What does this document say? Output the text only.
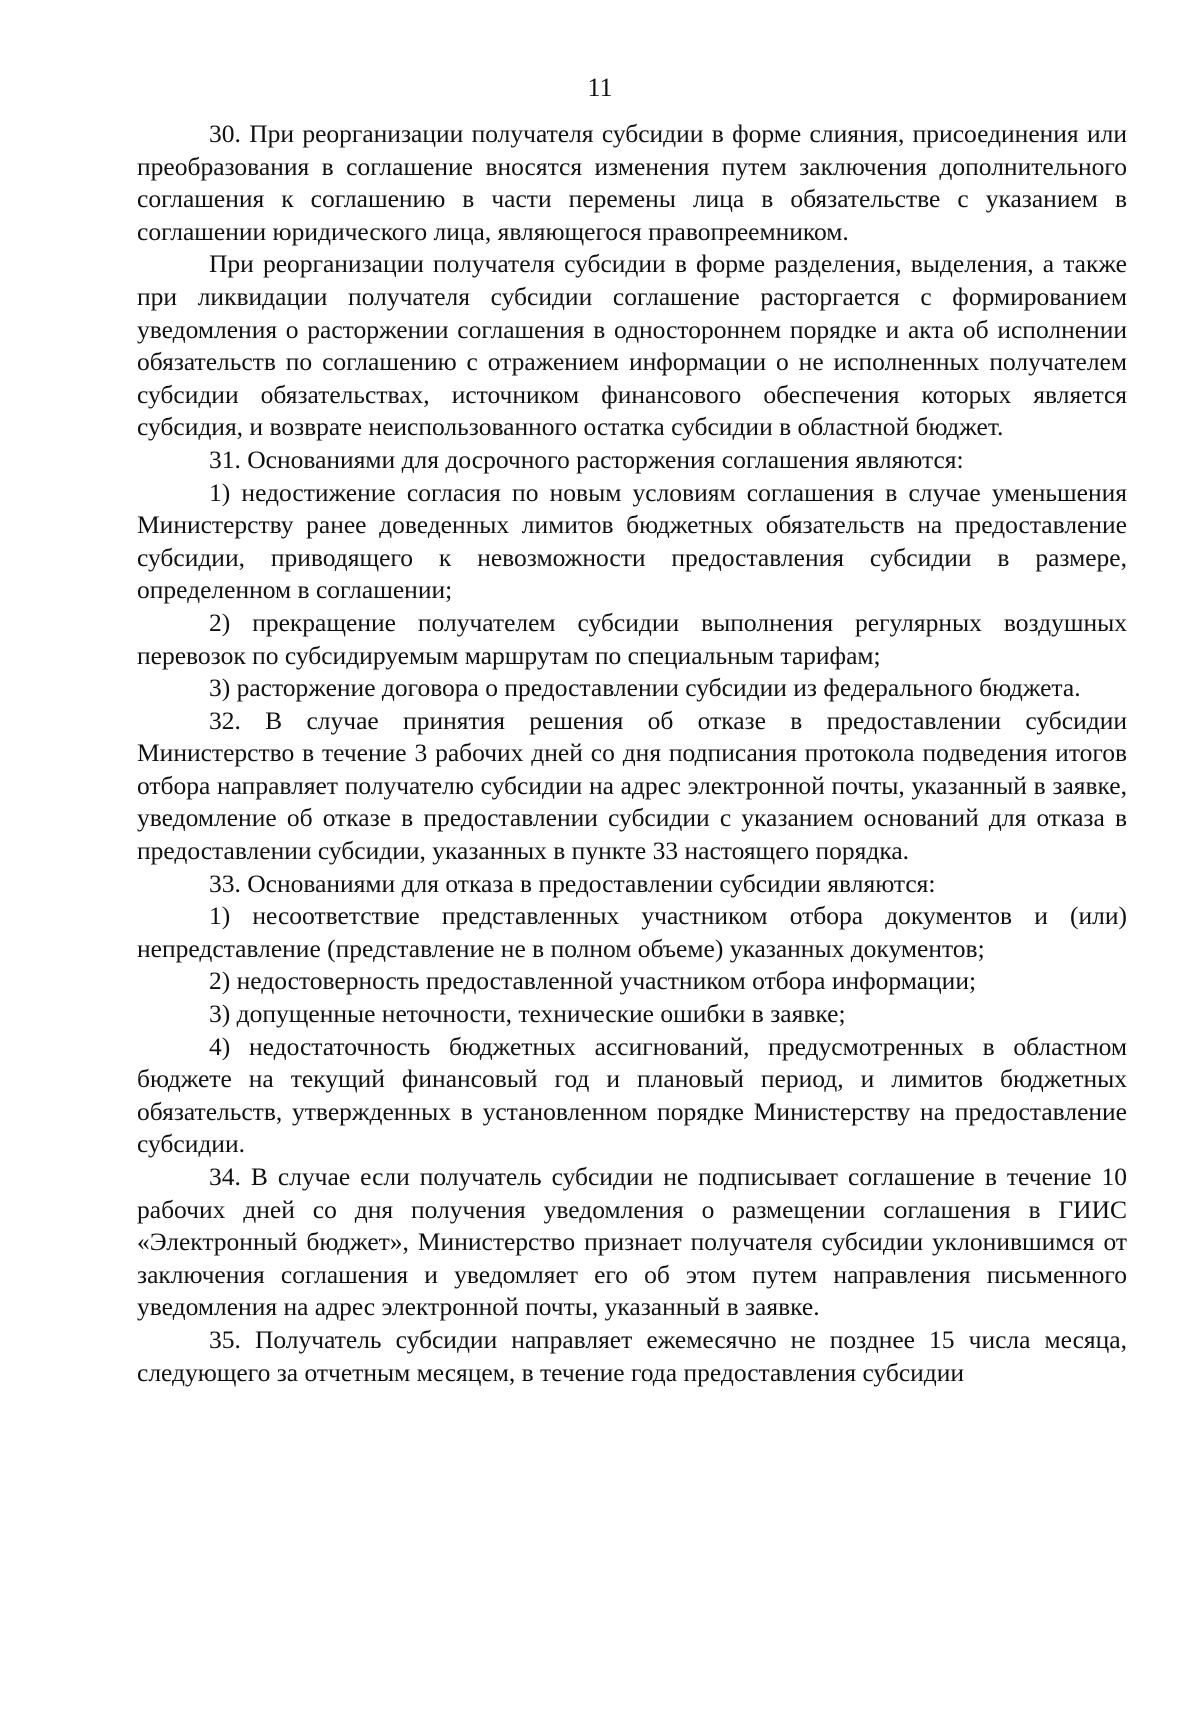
11

30. При реорганизации получателя субсидии в форме слияния, присоединения или преобразования в соглашение вносятся изменения путем заключения дополнительного соглашения к соглашению в части перемены лица в обязательстве с указанием в соглашении юридического лица, являющегося правопреемником.

При реорганизации получателя субсидии в форме разделения, выделения, а также при ликвидации получателя субсидии соглашение расторгается с формированием уведомления о расторжении соглашения в одностороннем порядке и акта об исполнении обязательств по соглашению с отражением информации о не исполненных получателем субсидии обязательствах, источником финансового обеспечения которых является субсидия, и возврате неиспользованного остатка субсидии в областной бюджет.

31. Основаниями для досрочного расторжения соглашения являются:

1) недостижение согласия по новым условиям соглашения в случае уменьшения Министерству ранее доведенных лимитов бюджетных обязательств на предоставление субсидии, приводящего к невозможности предоставления субсидии в размере, определенном в соглашении;

2) прекращение получателем субсидии выполнения регулярных воздушных перевозок по субсидируемым маршрутам по специальным тарифам;

3) расторжение договора о предоставлении субсидии из федерального бюджета.

32. В случае принятия решения об отказе в предоставлении субсидии Министерство в течение 3 рабочих дней со дня подписания протокола подведения итогов отбора направляет получателю субсидии на адрес электронной почты, указанный в заявке, уведомление об отказе в предоставлении субсидии с указанием оснований для отказа в предоставлении субсидии, указанных в пункте 33 настоящего порядка.

33. Основаниями для отказа в предоставлении субсидии являются:

1) несоответствие представленных участником отбора документов и (или) непредставление (представление не в полном объеме) указанных документов;

2) недостоверность предоставленной участником отбора информации;

3) допущенные неточности, технические ошибки в заявке;

4) недостаточность бюджетных ассигнований, предусмотренных в областном бюджете на текущий финансовый год и плановый период, и лимитов бюджетных обязательств, утвержденных в установленном порядке Министерству на предоставление субсидии.

34. В случае если получатель субсидии не подписывает соглашение в течение 10 рабочих дней со дня получения уведомления о размещении соглашения в ГИИС «Электронный бюджет», Министерство признает получателя субсидии уклонившимся от заключения соглашения и уведомляет его об этом путем направления письменного уведомления на адрес электронной почты, указанный в заявке.

35. Получатель субсидии направляет ежемесячно не позднее 15 числа месяца, следующего за отчетным месяцем, в течение года предоставления субсидии
